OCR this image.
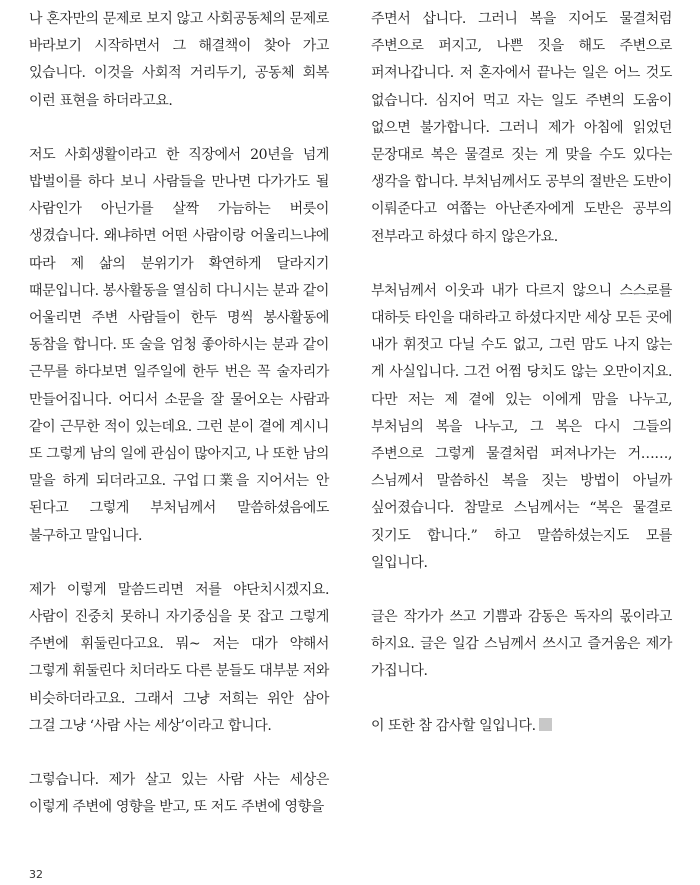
나 혼자만의 문제로 보지 않고 사회공동체의 문제로 바라보기 시작하면서 그 해결책이 찾아 가고 있습니다. 이것을 사회적 거리두기, 공동체 회복 이런 표현을 하더라고요.

저도 사회생활이라고 한 직장에서 20년을 넘게 밥벌이를 하다 보니 사람들을 만나면 다가가도 될 사람인가 아닌가를 살짝 가늠하는 버릇이 생겼습니다. 왜냐하면 어떤 사람이랑 어울리느냐에 따라 제 삶의 분위기가 확연하게 달라지기 때문입니다. 봉사활동을 열심히 다니시는 분과 같이 어울리면 주변 사람들이 한두 명씩 봉사활동에 동참을 합니다. 또 술을 엄청 좋아하시는 분과 같이 근무를 하다보면 일주일에 한두 번은 꼭 술자리가 만들어집니다. 어디서 소문을 잘 물어오는 사람과 같이 근무한 적이 있는데요. 그런 분이 곁에 계시니 또 그렇게 남의 일에 관심이 많아지고, 나 또한 남의 말을 하게 되더라고요. 구업口業을 지어서는 안 된다고 그렇게 부처님께서 말씀하셨음에도 불구하고 말입니다.

제가 이렇게 말씀드리면 저를 야단치시겠지요. 사람이 진중치 못하니 자기중심을 못 잡고 그렇게 주변에 휘둘린다고요. 뭐~ 저는 대가 약해서 그렇게 휘둘린다 치더라도 다른 분들도 대부분 저와 비슷하더라고요. 그래서 그냥 저희는 위안 삼아 그걸 그냥 ‘사람 사는 세상’이라고 합니다.

그렇습니다. 제가 살고 있는 사람 사는 세상은 이렇게 주변에 영향을 받고, 또 저도 주변에 영향을

주면서 삽니다. 그러니 복을 지어도 물결처럼 주변으로 퍼지고, 나쁜 짓을 해도 주변으로 퍼져나갑니다. 저 혼자에서 끝나는 일은 어느 것도 없습니다. 심지어 먹고 자는 일도 주변의 도움이 없으면 불가합니다. 그러니 제가 아침에 읽었던 문장대로 복은 물결로 짓는 게 맞을 수도 있다는 생각을 합니다. 부처님께서도 공부의 절반은 도반이 이뤄준다고 여쭙는 아난존자에게 도반은 공부의 전부라고 하셨다 하지 않은가요.

부처님께서 이웃과 내가 다르지 않으니 스스로를 대하듯 타인을 대하라고 하셨다지만 세상 모든 곳에 내가 휘젓고 다닐 수도 없고, 그런 맘도 나지 않는 게 사실입니다. 그건 어쩜 당치도 않는 오만이지요. 다만 저는 제 곁에 있는 이에게 맘을 나누고, 부처님의 복을 나누고, 그 복은 다시 그들의 주변으로 그렇게 물결처럼 퍼져나가는 거……, 스님께서 말씀하신 복을 짓는 방법이 아닐까 싶어졌습니다. 참말로 스님께서는 “복은 물결로 짓기도 합니다.” 하고 말씀하셨는지도 모를 일입니다.

글은 작가가 쓰고 기쁨과 감동은 독자의 몫이라고 하지요. 글은 일감 스님께서 쓰시고 즐거움은 제가 가집니다.

이 또한 참 감사할 일입니다.

32
